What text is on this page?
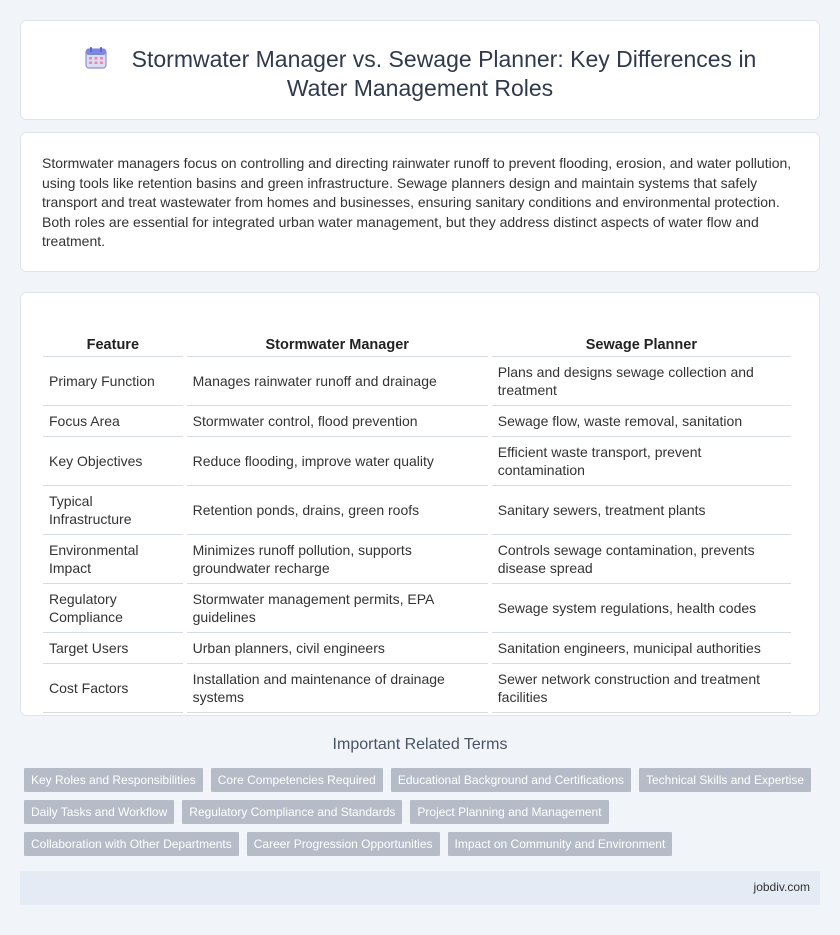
Stormwater Manager vs. Sewage Planner: Key Differences in
Water Management Roles

Stormwater managers focus on controlling and directing rainwater runoff to prevent flooding, erosion, and water pollution, using tools like retention basins and green infrastructure. Sewage planners design and maintain systems that safely transport and treat wastewater from homes and businesses, ensuring sanitary conditions and environmental protection. Both roles are essential for integrated urban water management, but they address distinct aspects of water flow and treatment.

Feature	Stormwater Manager	Sewage Planner
Primary Function	Manages rainwater runoff and drainage	Plans and designs sewage collection and treatment
Focus Area	Stormwater control, flood prevention	Sewage flow, waste removal, sanitation
Key Objectives	Reduce flooding, improve water quality	Efficient waste transport, prevent contamination
Typical Infrastructure	Retention ponds, drains, green roofs	Sanitary sewers, treatment plants
Environmental Impact	Minimizes runoff pollution, supports groundwater recharge	Controls sewage contamination, prevents disease spread
Regulatory Compliance	Stormwater management permits, EPA guidelines	Sewage system regulations, health codes
Target Users	Urban planners, civil engineers	Sanitation engineers, municipal authorities
Cost Factors	Installation and maintenance of drainage systems	Sewer network construction and treatment facilities
Important Related Terms
Key Roles and Responsibilities	Core Competencies Required	Educational Background and Certifications	Technical Skills and Expertise
Daily Tasks and Workflow	Regulatory Compliance and Standards	Project Planning and Management
Collaboration with Other Departments	Career Progression Opportunities	Impact on Community and Environment
jobdiv.com
